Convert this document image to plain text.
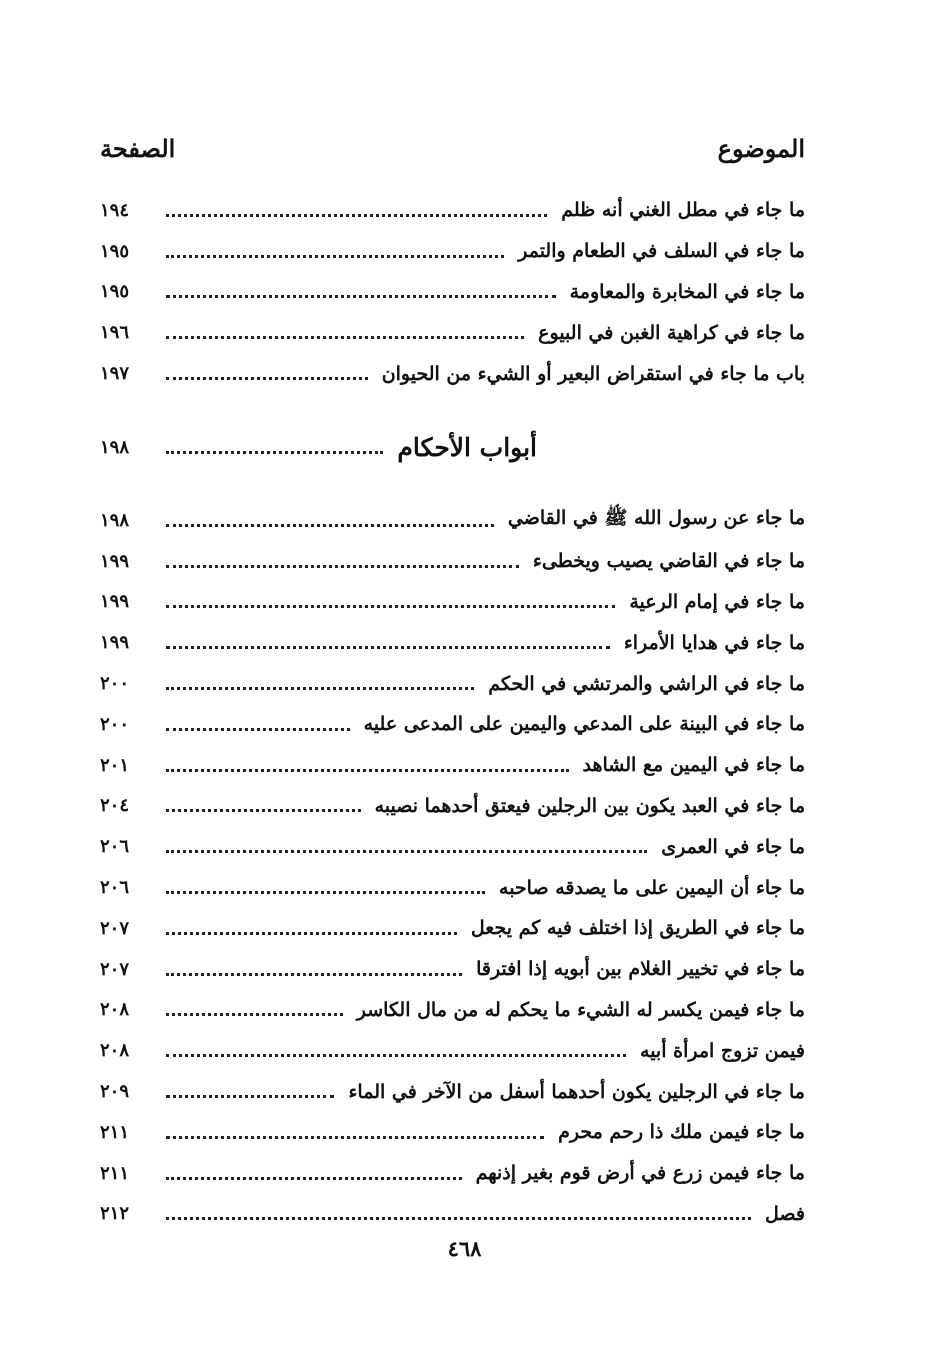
الموضوع
الصفحة
ما جاء في مطل الغني أنه ظلم
١٩٤
ما جاء في السلف في الطعام والتمر
١٩٥
ما جاء في المخابرة والمعاومة
١٩٥
ما جاء في كراهية الغبن في البيوع
١٩٦
باب ما جاء في استقراض البعير أو الشيء من الحيوان
١٩٧
أبواب الأحكام
١٩٨
ما جاء عن رسول الله ﷺ في القاضي
١٩٨
ما جاء في القاضي يصيب ويخطىء
١٩٩
ما جاء في إمام الرعية
١٩٩
ما جاء في هدايا الأمراء
١٩٩
ما جاء في الراشي والمرتشي في الحكم
٢٠٠
ما جاء في البينة على المدعي واليمين على المدعى عليه
٢٠٠
ما جاء في اليمين مع الشاهد
٢٠١
ما جاء في العبد يكون بين الرجلين فيعتق أحدهما نصيبه
٢٠٤
ما جاء في العمرى
٢٠٦
ما جاء أن اليمين على ما يصدقه صاحبه
٢٠٦
ما جاء في الطريق إذا اختلف فيه كم يجعل
٢٠٧
ما جاء في تخيير الغلام بين أبويه إذا افترقا
٢٠٧
ما جاء فيمن يكسر له الشيء ما يحكم له من مال الكاسر
٢٠٨
فيمن تزوج امرأة أبيه
٢٠٨
ما جاء في الرجلين يكون أحدهما أسفل من الآخر في الماء
٢٠٩
ما جاء فيمن ملك ذا رحم محرم
٢١١
ما جاء فيمن زرع في أرض قوم بغير إذنهم
٢١١
فصل
٢١٢
٤٦٨
